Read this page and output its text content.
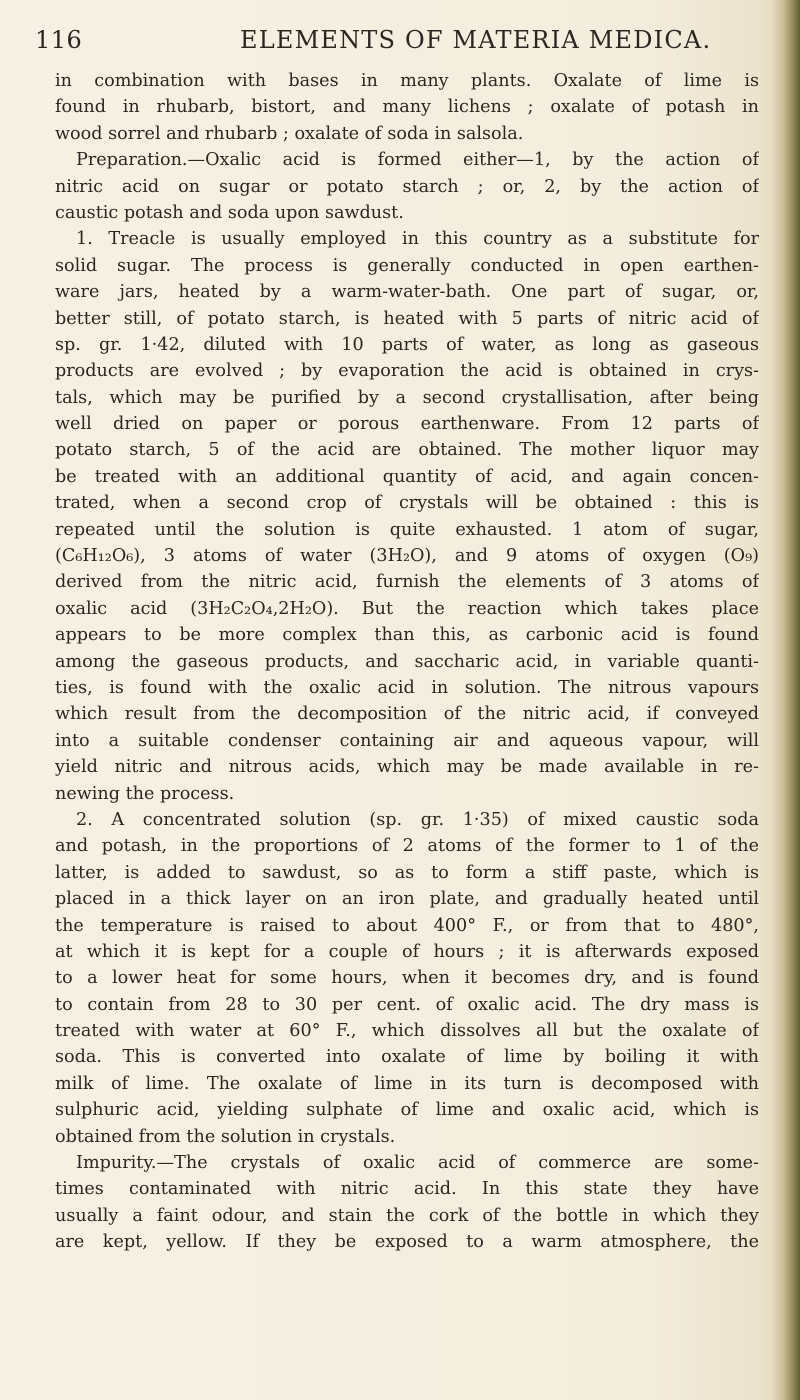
116	ELEMENTS OF MATERIA MEDICA.
in combination with bases in many plants. Oxalate of lime is
found in rhubarb, bistort, and many lichens ; oxalate of potash in
wood sorrel and rhubarb ; oxalate of soda in salsola.
Preparation.—Oxalic acid is formed either—1, by the action of
nitric acid on sugar or potato starch ; or, 2, by the action of
caustic potash and soda upon sawdust.
1. Treacle is usually employed in this country as a substitute for
solid sugar. The process is generally conducted in open earthen-
ware jars, heated by a warm-water-bath. One part of sugar, or,
better still, of potato starch, is heated with 5 parts of nitric acid of
sp. gr. 1·42, diluted with 10 parts of water, as long as gaseous
products are evolved ; by evaporation the acid is obtained in crys-
tals, which may be purified by a second crystallisation, after being
well dried on paper or porous earthenware. From 12 parts of
potato starch, 5 of the acid are obtained. The mother liquor may
be treated with an additional quantity of acid, and again concen-
trated, when a second crop of crystals will be obtained : this is
repeated until the solution is quite exhausted. 1 atom of sugar,
(C₆H₁₂O₆), 3 atoms of water (3H₂O), and 9 atoms of oxygen (O₉)
derived from the nitric acid, furnish the elements of 3 atoms of
oxalic acid (3H₂C₂O₄,2H₂O). But the reaction which takes place
appears to be more complex than this, as carbonic acid is found
among the gaseous products, and saccharic acid, in variable quanti-
ties, is found with the oxalic acid in solution. The nitrous vapours
which result from the decomposition of the nitric acid, if conveyed
into a suitable condenser containing air and aqueous vapour, will
yield nitric and nitrous acids, which may be made available in re-
newing the process.
2. A concentrated solution (sp. gr. 1·35) of mixed caustic soda
and potash, in the proportions of 2 atoms of the former to 1 of the
latter, is added to sawdust, so as to form a stiff paste, which is
placed in a thick layer on an iron plate, and gradually heated until
the temperature is raised to about 400° F., or from that to 480°,
at which it is kept for a couple of hours ; it is afterwards exposed
to a lower heat for some hours, when it becomes dry, and is found
to contain from 28 to 30 per cent. of oxalic acid. The dry mass is
treated with water at 60° F., which dissolves all but the oxalate of
soda. This is converted into oxalate of lime by boiling it with
milk of lime. The oxalate of lime in its turn is decomposed with
sulphuric acid, yielding sulphate of lime and oxalic acid, which is
obtained from the solution in crystals.
Impurity.—The crystals of oxalic acid of commerce are some-
times contaminated with nitric acid. In this state they have
usually a faint odour, and stain the cork of the bottle in which they
are kept, yellow. If they be exposed to a warm atmosphere, the
